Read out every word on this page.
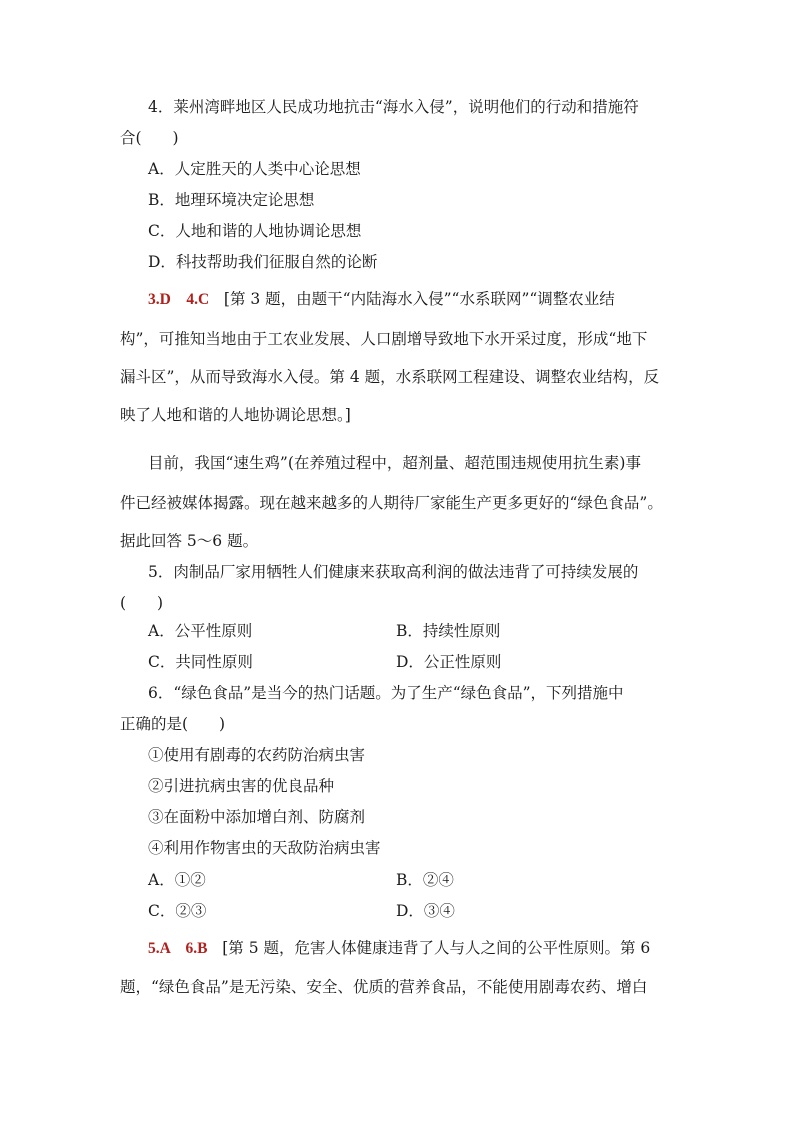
4．莱州湾畔地区人民成功地抗击“海水入侵”，说明他们的行动和措施符
合(　　)
A．人定胜天的人类中心论思想
B．地理环境决定论思想
C．人地和谐的人地协调论思想
D．科技帮助我们征服自然的论断
3.D　4.C [第 3 题，由题干“内陆海水入侵”“水系联网”“调整农业结
构”，可推知当地由于工农业发展、人口剧增导致地下水开采过度，形成“地下
漏斗区”，从而导致海水入侵。第 4 题，水系联网工程建设、调整农业结构，反
映了人地和谐的人地协调论思想。]
目前，我国“速生鸡”(在养殖过程中，超剂量、超范围违规使用抗生素)事
件已经被媒体揭露。现在越来越多的人期待厂家能生产更多更好的“绿色食品”。
据此回答 5～6 题。
5．肉制品厂家用牺牲人们健康来获取高利润的做法违背了可持续发展的
(　　)
A．公平性原则	B．持续性原则
C．共同性原则	D．公正性原则
6．“绿色食品”是当今的热门话题。为了生产“绿色食品”，下列措施中
正确的是(　　)
①使用有剧毒的农药防治病虫害
②引进抗病虫害的优良品种
③在面粉中添加增白剂、防腐剂
④利用作物害虫的天敌防治病虫害
A．①②	B．②④
C．②③	D．③④
5.A　6.B [第 5 题，危害人体健康违背了人与人之间的公平性原则。第 6
题，“绿色食品”是无污染、安全、优质的营养食品，不能使用剧毒农药、增白
